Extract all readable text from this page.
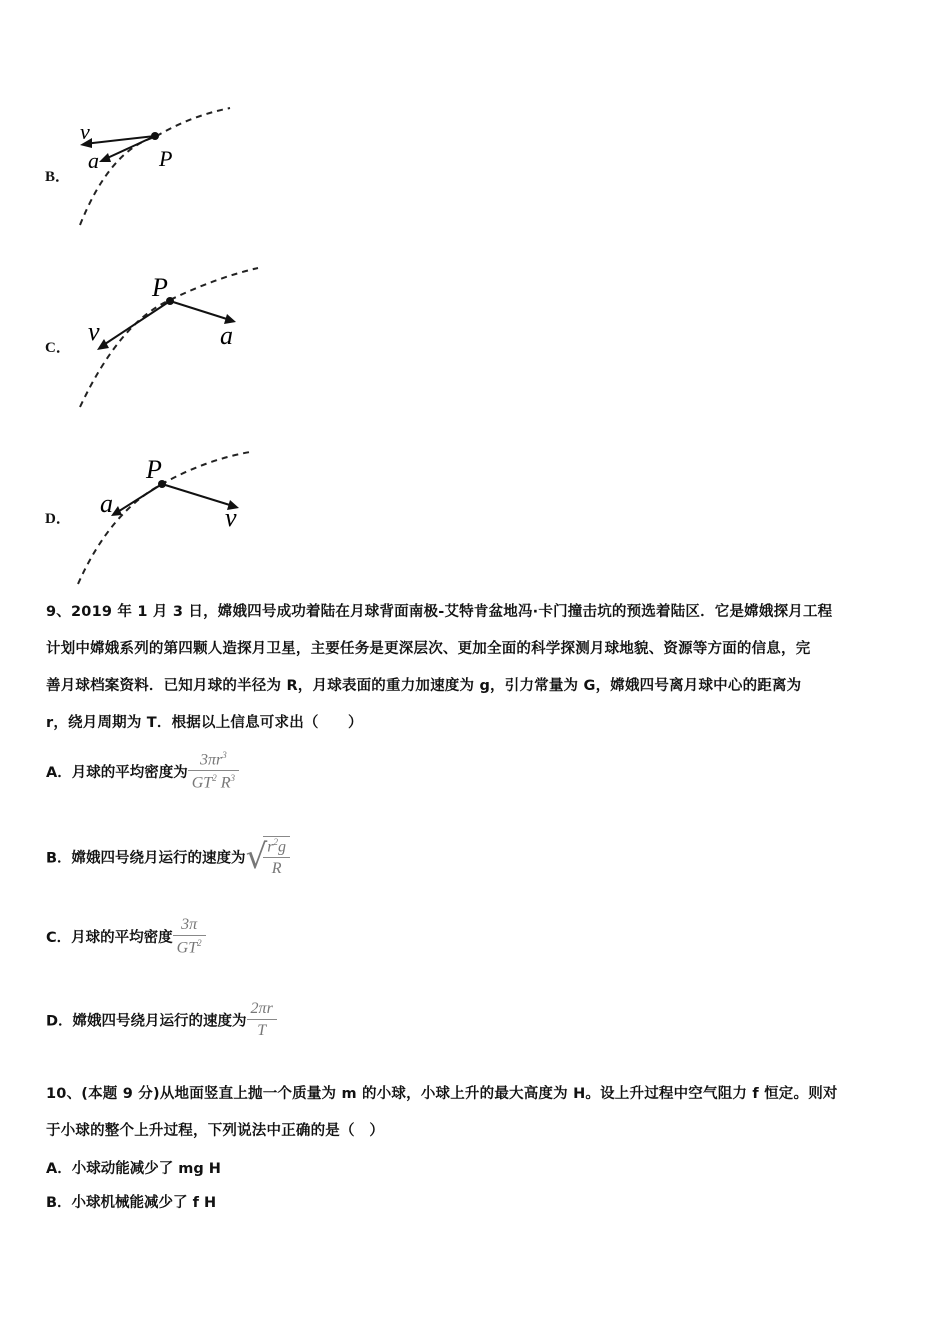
B．
v
a	P
C．
v	a
P
D．
a	v
P
9、2019 年 1 月 3 日，嫦娥四号成功着陆在月球背面南极-艾特肯盆地冯·卡门撞击坑的预选着陆区．它是嫦娥探月工程
计划中嫦娥系列的第四颗人造探月卫星，主要任务是更深层次、更加全面的科学探测月球地貌、资源等方面的信息，完
善月球档案资料．已知月球的半径为 R，月球表面的重力加速度为 g，引力常量为 G，嫦娥四号离月球中心的距离为
r，绕月周期为 T．根据以上信息可求出（　　）
A．月球的平均密度为 $\frac{3\pi r^3}{GT^2 R^3}$
B．嫦娥四号绕月运行的速度为√
$\frac{r^2g}{R}$
C．月球的平均密度 $\frac{3\pi}{GT^2}$
D．嫦娥四号绕月运行的速度为 $\frac{2\pi r}{T}$
10、(本题 9 分)从地面竖直上抛一个质量为 m 的小球，小球上升的最大高度为 H。设上升过程中空气阻力 f 恒定。则对
于小球的整个上升过程，下列说法中正确的是（　）
A．小球动能减少了 mg H
B．小球机械能减少了 f H
